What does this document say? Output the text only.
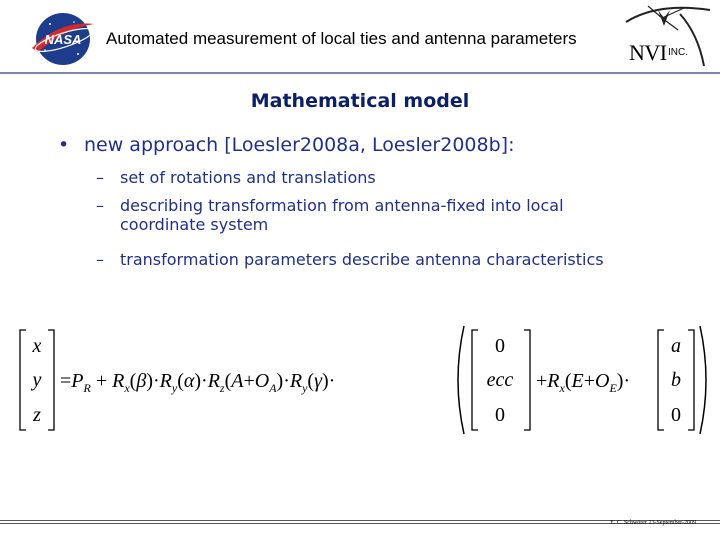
NASA Automated measurement of local ties and antenna parameters
NVI INC.
Mathematical model
• new approach [Loesler2008a, Loesler2008b]:
– set of rotations and translations
– describing transformation from antenna-fixed into local
coordinate system
– transformation parameters describe antenna characteristics
x
y
z
$=P_R + R_x(\beta)\cdot R_y(\alpha)\cdot R_z(A+O_A)\cdot R_y(\gamma)\cdot$
0
ecc
0
$+R_x(E+O_E)\cdot$
a
b
0
E. C. Schwörer 23-September-2009
